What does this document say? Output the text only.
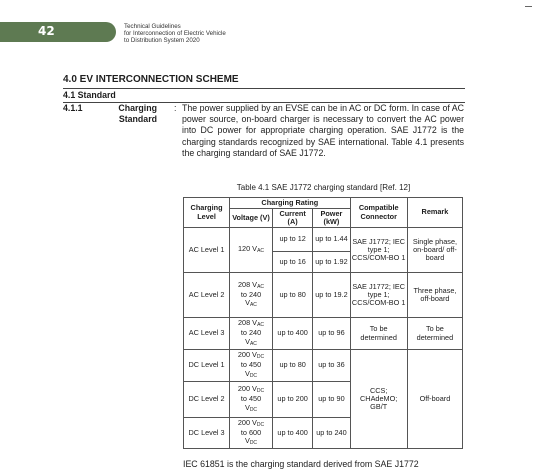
42	Technical Guidelines
for Interconnection of Electric Vehicle
to Distribution System 2020
4.0 EV INTERCONNECTION SCHEME
4.1 Standard
4.1.1	Charging Standard
: The power supplied by an EVSE can be in AC or DC form. In case of AC power source, on-board charger is necessary to convert the AC power into DC power for appropriate charging operation. SAE J1772 is the charging standards recognized by SAE international. Table 4.1 presents the charging standard of SAE J1772.
Table 4.1 SAE J1772 charging standard [Ref. 12]
Charging Level	Charging Rating			Compatible Connector	Remark
	Voltage (V)	Current (A)	Power (kW)		
AC Level 1	120 $V_{AC}$	up to 12	up to 1.44	SAE J1772; IEC type 1; CCS/COM-BO 1	Single phase, on-board/ off-board
		up to 16	up to 1.92		
AC Level 2	208 $V_{AC}$
to 240
$V_{AC}$	up to 80	up to 19.2	SAE J1772; IEC type 1; CCS/COM-BO 1	Three phase, off-board
AC Level 3	208 $V_{AC}$
to 240
$V_{AC}$	up to 400	up to 96	To be determined	To be determined
DC Level 1	200 $V_{DC}$
to 450
$V_{DC}$	up to 80	up to 36	CCS; CHAdeMO; GB/T	Off-board
DC Level 2	200 $V_{DC}$
to 450
$V_{DC}$	up to 200	up to 90		
DC Level 3	200 $V_{DC}$
to 600
$V_{DC}$	up to 400	up to 240		
IEC 61851 is the charging standard derived from SAE J1772
